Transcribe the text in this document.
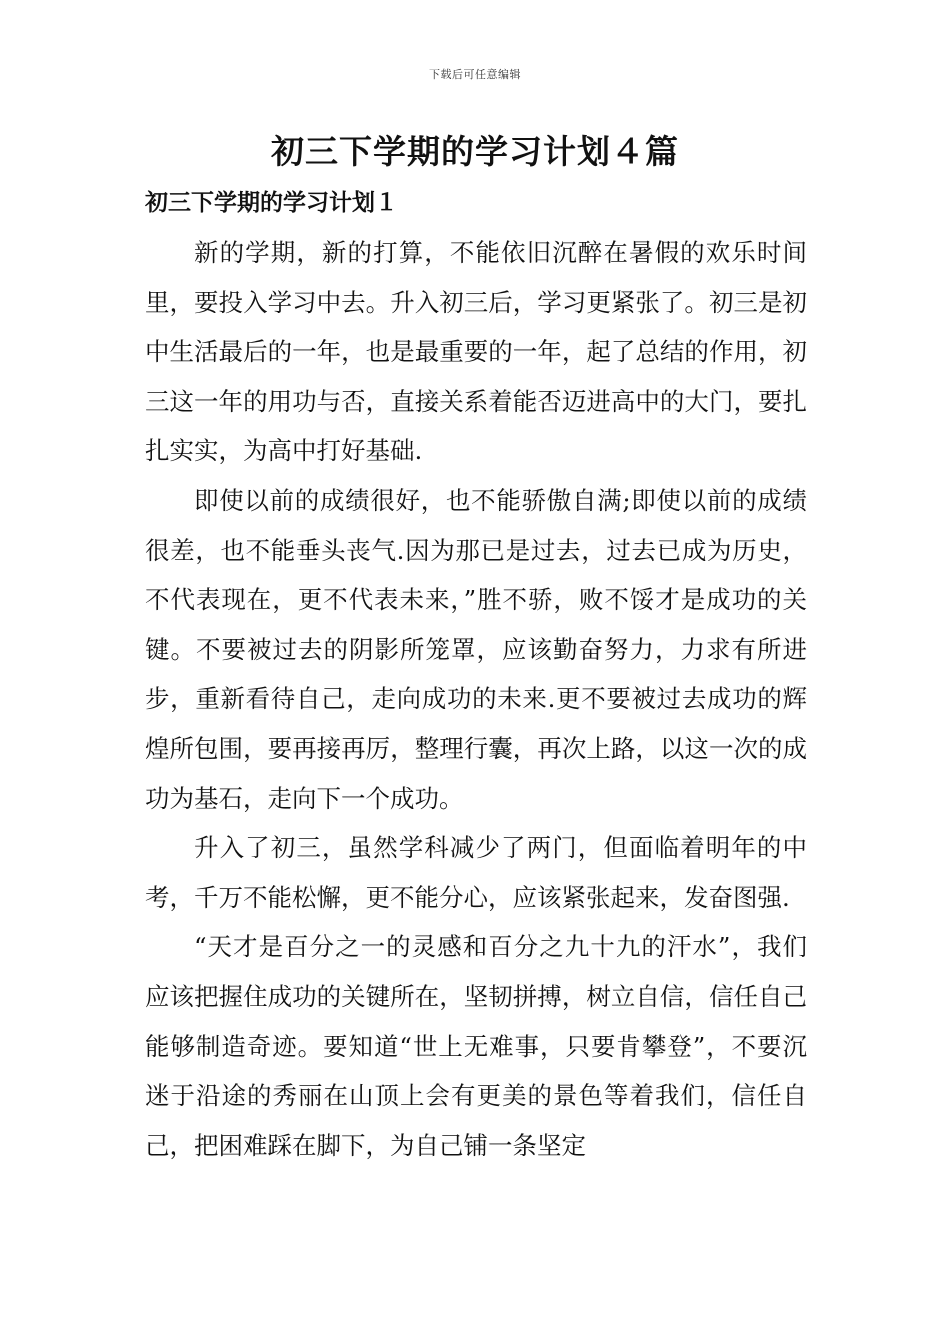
下载后可任意编辑
初三下学期的学习计划４篇
初三下学期的学习计划１

新的学期，新的打算，不能依旧沉醉在暑假的欢乐时间里，要投入学习中去。升入初三后，学习更紧张了。初三是初中生活最后的一年，也是最重要的一年，起了总结的作用，初三这一年的用功与否，直接关系着能否迈进高中的大门，要扎扎实实，为高中打好基础.

即使以前的成绩很好，也不能骄傲自满;即使以前的成绩很差，也不能垂头丧气.因为那已是过去，过去已成为历史，不代表现在，更不代表未来，”胜不骄，败不馁才是成功的关键。不要被过去的阴影所笼罩，应该勤奋努力，力求有所进步，重新看待自己，走向成功的未来.更不要被过去成功的辉煌所包围，要再接再厉，整理行囊，再次上路，以这一次的成功为基石，走向下一个成功。

升入了初三，虽然学科减少了两门，但面临着明年的中考，千万不能松懈，更不能分心，应该紧张起来，发奋图强.

“天才是百分之一的灵感和百分之九十九的汗水”，我们应该把握住成功的关键所在，坚韧拼搏，树立自信，信任自己能够制造奇迹。要知道“世上无难事，只要肯攀登”，不要沉迷于沿途的秀丽在山顶上会有更美的景色等着我们，信任自己，把困难踩在脚下，为自己铺一条坚定
